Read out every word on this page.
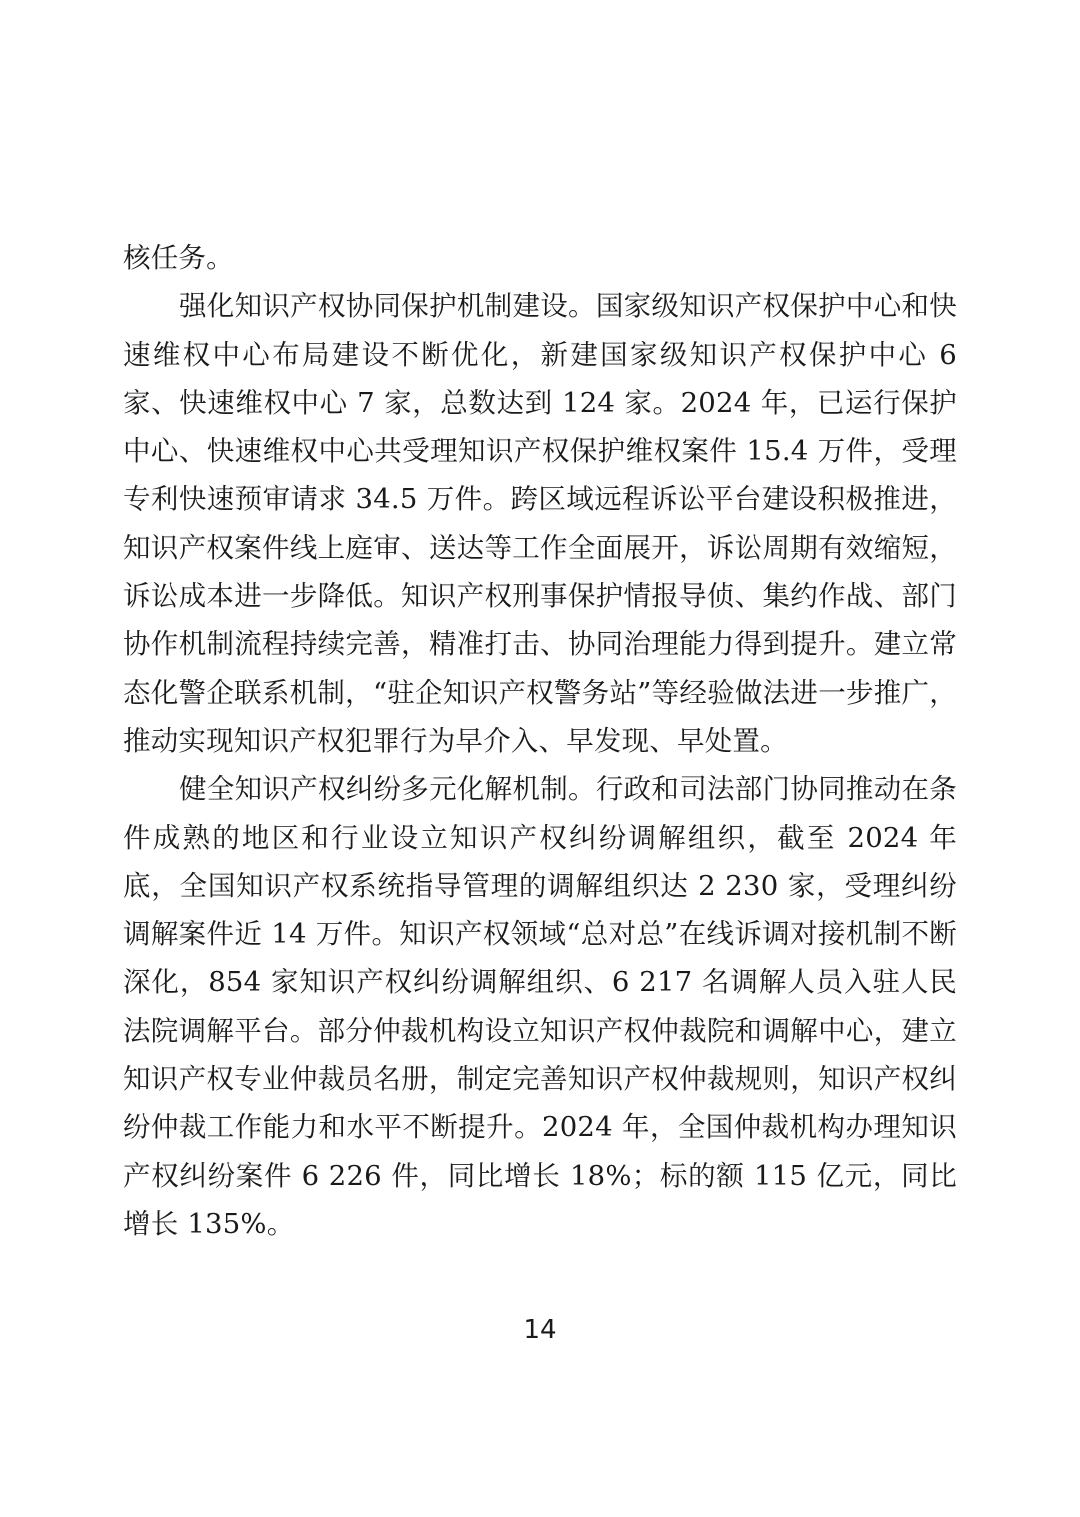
核任务。

强化知识产权协同保护机制建设。国家级知识产权保护中心和快速维权中心布局建设不断优化，新建国家级知识产权保护中心 6 家、快速维权中心 7 家，总数达到 124 家。2024 年，已运行保护中心、快速维权中心共受理知识产权保护维权案件 15.4 万件，受理专利快速预审请求 34.5 万件。跨区域远程诉讼平台建设积极推进，知识产权案件线上庭审、送达等工作全面展开，诉讼周期有效缩短，诉讼成本进一步降低。知识产权刑事保护情报导侦、集约作战、部门协作机制流程持续完善，精准打击、协同治理能力得到提升。建立常态化警企联系机制，“驻企知识产权警务站”等经验做法进一步推广，推动实现知识产权犯罪行为早介入、早发现、早处置。

健全知识产权纠纷多元化解机制。行政和司法部门协同推动在条件成熟的地区和行业设立知识产权纠纷调解组织，截至 2024 年底，全国知识产权系统指导管理的调解组织达 2 230 家，受理纠纷调解案件近 14 万件。知识产权领域“总对总”在线诉调对接机制不断深化，854 家知识产权纠纷调解组织、6 217 名调解人员入驻人民法院调解平台。部分仲裁机构设立知识产权仲裁院和调解中心，建立知识产权专业仲裁员名册，制定完善知识产权仲裁规则，知识产权纠纷仲裁工作能力和水平不断提升。2024 年，全国仲裁机构办理知识产权纠纷案件 6 226 件，同比增长 18%；标的额 115 亿元，同比增长 135%。

14
